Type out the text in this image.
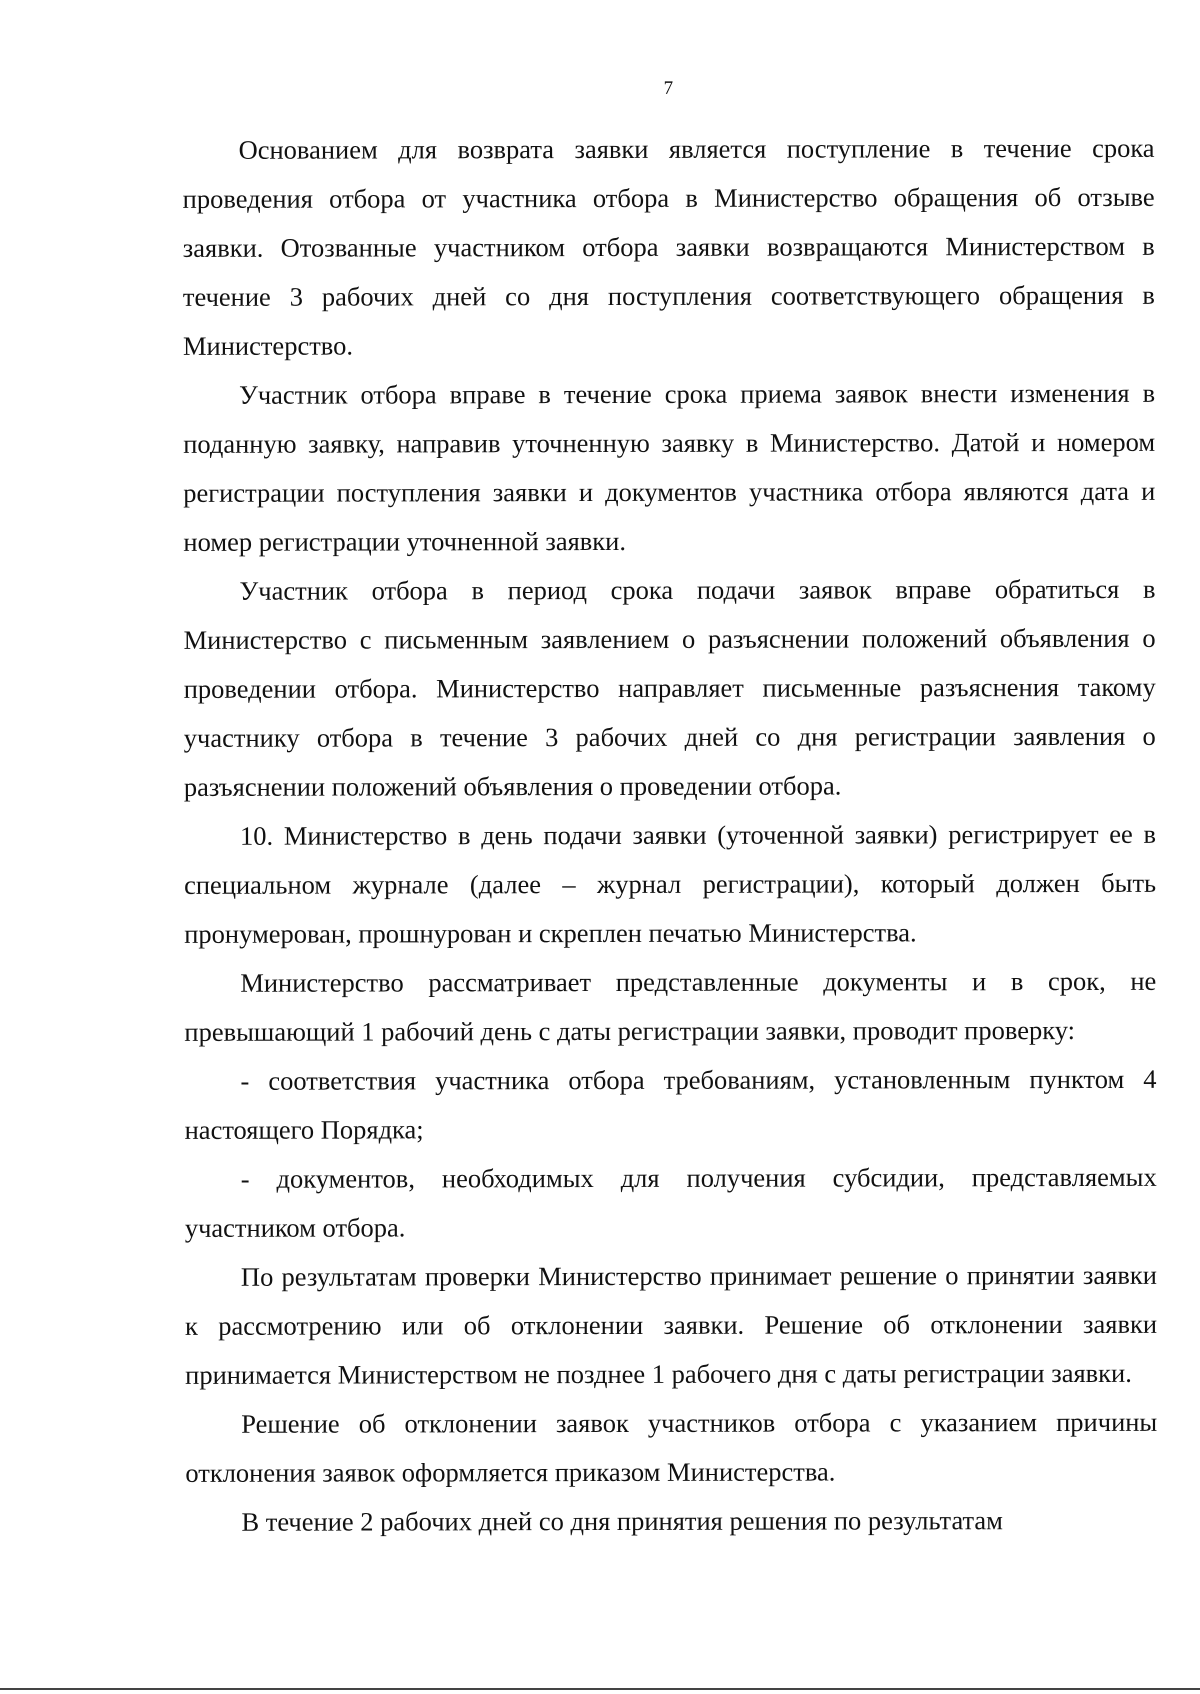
7

Основанием для возврата заявки является поступление в течение срока проведения отбора от участника отбора в Министерство обращения об отзыве заявки. Отозванные участником отбора заявки возвращаются Министерством в течение 3 рабочих дней со дня поступления соответствующего обращения в Министерство.

Участник отбора вправе в течение срока приема заявок внести изменения в поданную заявку, направив уточненную заявку в Министерство. Датой и номером регистрации поступления заявки и документов участника отбора являются дата и номер регистрации уточненной заявки.

Участник отбора в период срока подачи заявок вправе обратиться в Министерство с письменным заявлением о разъяснении положений объявления о проведении отбора. Министерство направляет письменные разъяснения такому участнику отбора в течение 3 рабочих дней со дня регистрации заявления о разъяснении положений объявления о проведении отбора.

10. Министерство в день подачи заявки (уточенной заявки) регистрирует ее в специальном журнале (далее – журнал регистрации), который должен быть пронумерован, прошнурован и скреплен печатью Министерства.

Министерство рассматривает представленные документы и в срок, не превышающий 1 рабочий день с даты регистрации заявки, проводит проверку:

- соответствия участника отбора требованиям, установленным пунктом 4 настоящего Порядка;

- документов, необходимых для получения субсидии, представляемых участником отбора.

По результатам проверки Министерство принимает решение о принятии заявки к рассмотрению или об отклонении заявки. Решение об отклонении заявки принимается Министерством не позднее 1 рабочего дня с даты регистрации заявки.

Решение об отклонении заявок участников отбора с указанием причины отклонения заявок оформляется приказом Министерства.

В течение 2 рабочих дней со дня принятия решения по результатам
